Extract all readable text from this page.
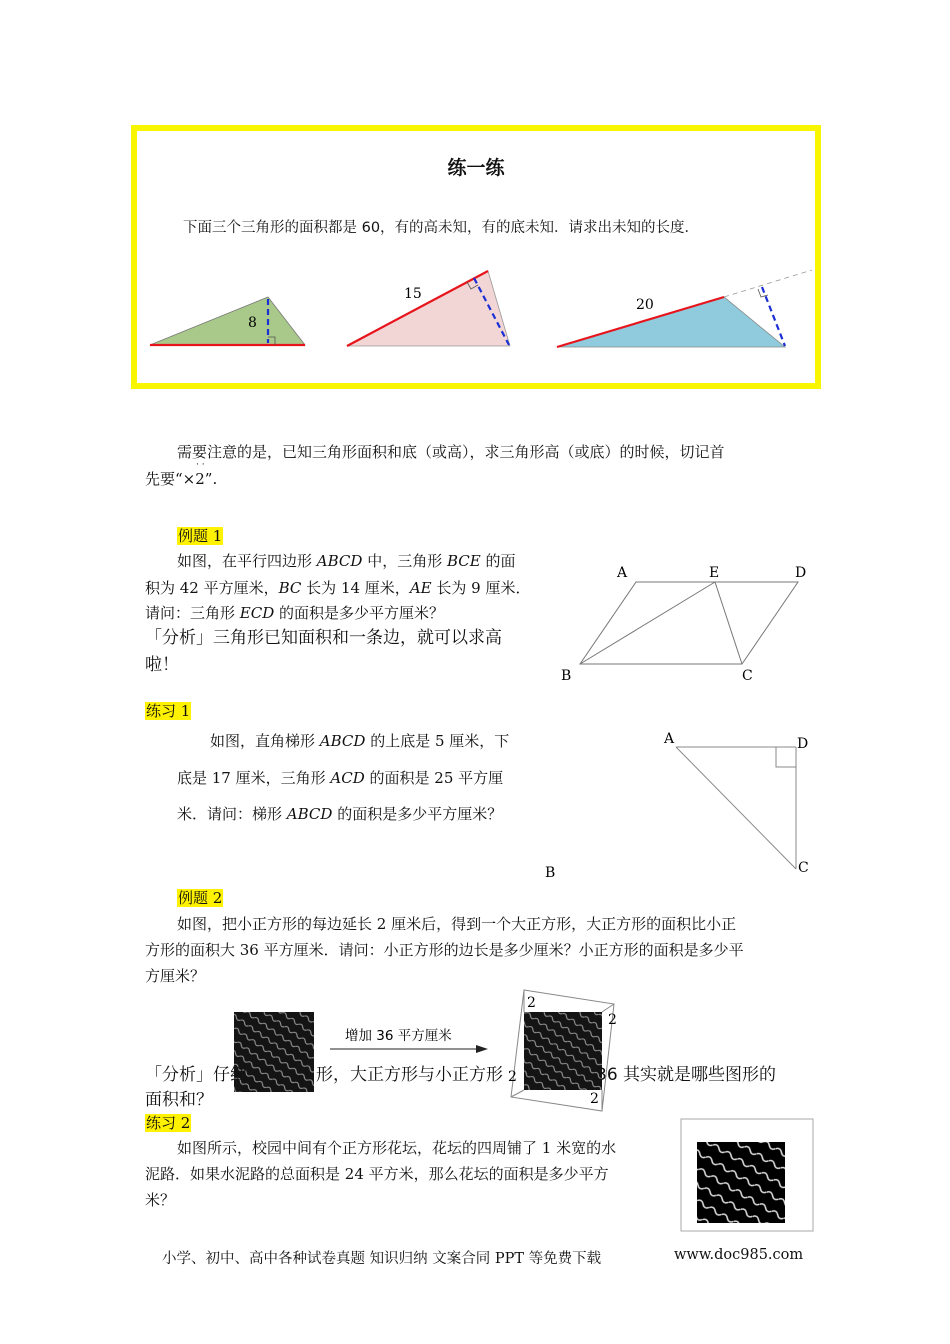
练一练
下面三个三角形的面积都是 60，有的高未知，有的底未知．请求出未知的长度．
8
15
20
需要注意的是，已知三角形面积和底（或高），求三角形高（或底）的时候，切记首
先要“×2”.
· ·
例题 1
如图，在平行四边形 ABCD 中，三角形 BCE 的面
积为 42 平方厘米，BC 长为 14 厘米，AE 长为 9 厘米．
请问：三角形 ECD 的面积是多少平方厘米？
「分析」三角形已知面积和一条边，就可以求高
啦！
A	E	D
B	C
练习 1
如图，直角梯形 ABCD 的上底是 5 厘米，下
底是 17 厘米，三角形 ACD 的面积是 25 平方厘
米．请问：梯形 ABCD 的面积是多少平方厘米？
A	D
C
B
例题 2
如图，把小正方形的每边延长 2 厘米后，得到一个大正方形，大正方形的面积比小正
方形的面积大 36 平方厘米．请问：小正方形的边长是多少厘米？小正方形的面积是多少平
方厘米？
增加 36 平方厘米
2
2
2
2
「分析」仔细	形，大正方形与小正方形	36 其实就是哪些图形的
面积和？
练习 2
如图所示，校园中间有个正方形花坛，花坛的四周铺了 1 米宽的水
泥路．如果水泥路的总面积是 24 平方米，那么花坛的面积是多少平方
米？
小学、初中、高中各种试卷真题 知识归纳 文案合同 PPT 等免费下载	www.doc985.com
